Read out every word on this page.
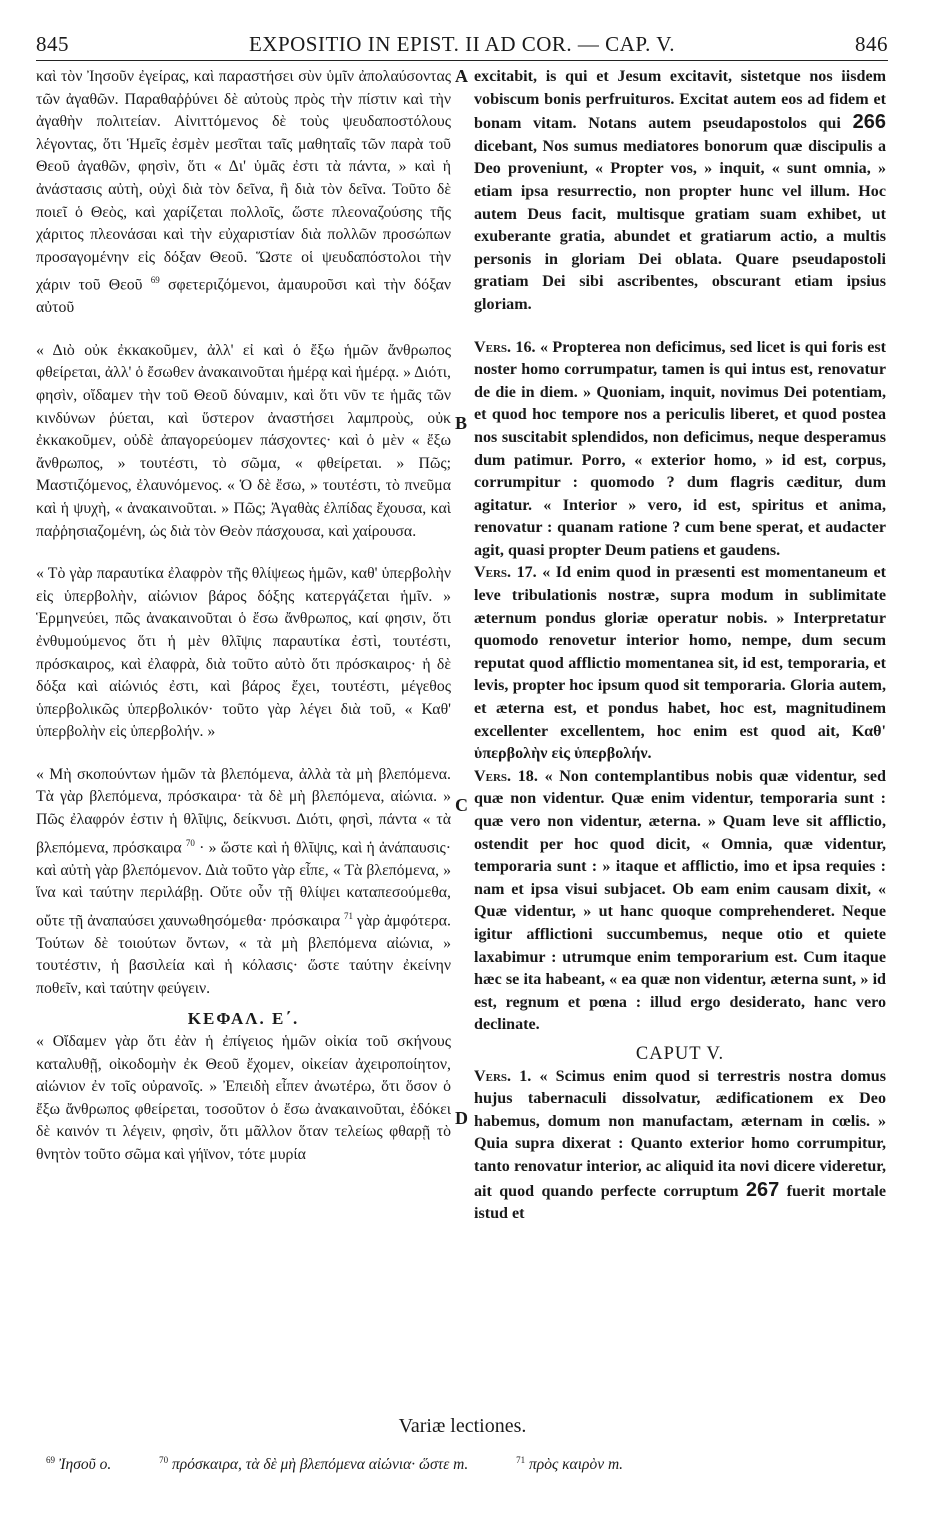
845	EXPOSITIO IN EPIST. II AD COR. — CAP. V.	846
A
B
C
D

καὶ τὸν Ἰησοῦν ἐγείρας, καὶ παραστήσει σὺν ὑμῖν ἀπολαύσοντας τῶν ἀγαθῶν. Παραθαῤῥύνει δὲ αὐτοὺς πρὸς τὴν πίστιν καὶ τὴν ἀγαθὴν πολιτείαν. Αἰνιττόμενος δὲ τοὺς ψευδαποστόλους λέγοντας, ὅτι Ἡμεῖς ἐσμὲν μεσῖται ταῖς μαθηταῖς τῶν παρὰ τοῦ Θεοῦ ἀγαθῶν, φησὶν, ὅτι « Δι' ὑμᾶς ἐστι τὰ πάντα, » καὶ ἡ ἀνάστασις αὐτὴ, οὐχὶ διὰ τὸν δεῖνα, ἢ διὰ τὸν δεῖνα. Τοῦτο δὲ ποιεῖ ὁ Θεὸς, καὶ χαρίζεται πολλοῖς, ὥστε πλεοναζούσης τῆς χάριτος πλεονάσαι καὶ τὴν εὐχαριστίαν διὰ πολλῶν προσώπων προσαγομένην εἰς δόξαν Θεοῦ. Ὥστε οἱ ψευδαπόστολοι τὴν χάριν τοῦ Θεοῦ $^{69}$ σφετεριζόμενοι, ἀμαυροῦσι καὶ τὴν δόξαν αὐτοῦ

« Διὸ οὐκ ἐκκακοῦμεν, ἀλλ' εἰ καὶ ὁ ἔξω ἡμῶν ἄνθρωπος φθείρεται, ἀλλ' ὁ ἔσωθεν ἀνακαινοῦται ἡμέρᾳ καὶ ἡμέρᾳ. » Διότι, φησὶν, οἴδαμεν τὴν τοῦ Θεοῦ δύναμιν, καὶ ὅτι νῦν τε ἡμᾶς τῶν κινδύνων ῥύεται, καὶ ὕστερον ἀναστήσει λαμπροὺς, οὐκ ἐκκακοῦμεν, οὐδὲ ἀπαγορεύομεν πάσχοντες· καὶ ὁ μὲν « ἔξω ἄνθρωπος, » τουτέστι, τὸ σῶμα, « φθείρεται. » Πῶς; Μαστιζόμενος, ἐλαυνόμενος. « Ὁ δὲ ἔσω, » τουτέστι, τὸ πνεῦμα καὶ ἡ ψυχὴ, « ἀνακαινοῦται. » Πῶς; Ἀγαθὰς ἐλπίδας ἔχουσα, καὶ παῤῥησιαζομένη, ὡς διὰ τὸν Θεὸν πάσχουσα, καὶ χαίρουσα.

« Τὸ γὰρ παραυτίκα ἐλαφρὸν τῆς θλίψεως ἡμῶν, καθ' ὑπερβολὴν εἰς ὑπερβολὴν, αἰώνιον βάρος δόξης κατεργάζεται ἡμῖν. » Ἑρμηνεύει, πῶς ἀνακαινοῦται ὁ ἔσω ἄνθρωπος, καί φησιν, ὅτι ἐνθυμούμενος ὅτι ἡ μὲν θλῖψις παραυτίκα ἐστὶ, τουτέστι, πρόσκαιρος, καὶ ἐλαφρὰ, διὰ τοῦτο αὐτὸ ὅτι πρόσκαιρος· ἡ δὲ δόξα καὶ αἰώνιός ἐστι, καὶ βάρος ἔχει, τουτέστι, μέγεθος ὑπερβολικῶς ὑπερβολικόν· τοῦτο γὰρ λέγει διὰ τοῦ, « Καθ' ὑπερβολὴν εἰς ὑπερβολήν. »

« Μὴ σκοπούντων ἡμῶν τὰ βλεπόμενα, ἀλλὰ τὰ μὴ βλεπόμενα. Τὰ γὰρ βλεπόμενα, πρόσκαιρα· τὰ δὲ μὴ βλεπόμενα, αἰώνια. » Πῶς ἐλαφρόν ἐστιν ἡ θλῖψις, δείκνυσι. Διότι, φησὶ, πάντα « τὰ βλεπόμενα, πρόσκαιρα $^{70}$ · » ὥστε καὶ ἡ θλῖψις, καὶ ἡ ἀνάπαυσις· καὶ αὐτὴ γὰρ βλεπόμενον. Διὰ τοῦτο γὰρ εἶπε, « Τὰ βλεπόμενα, » ἵνα καὶ ταύτην περιλάβῃ. Οὔτε οὖν τῇ θλίψει καταπεσούμεθα, οὔτε τῇ ἀναπαύσει χαυνωθησόμεθα· πρόσκαιρα $^{71}$ γὰρ ἀμφότερα. Τούτων δὲ τοιούτων ὄντων, « τὰ μὴ βλεπόμενα αἰώνια, » τουτέστιν, ἡ βασιλεία καὶ ἡ κόλασις· ὥστε ταύτην ἐκείνην ποθεῖν, καὶ ταύτην φεύγειν.

ΚΕΦΑΛ. Ε΄.

« Οἴδαμεν γὰρ ὅτι ἐὰν ἡ ἐπίγειος ἡμῶν οἰκία τοῦ σκήνους καταλυθῇ, οἰκοδομὴν ἐκ Θεοῦ ἔχομεν, οἰκείαν ἀχειροποίητον, αἰώνιον ἐν τοῖς οὐρανοῖς. » Ἐπειδὴ εἶπεν ἀνωτέρω, ὅτι ὅσον ὁ ἔξω ἄνθρωπος φθείρεται, τοσοῦτον ὁ ἔσω ἀνακαινοῦται, ἐδόκει δὲ καινόν τι λέγειν, φησὶν, ὅτι μᾶλλον ὅταν τελείως φθαρῇ τὸ θνητὸν τοῦτο σῶμα καὶ γήϊνον, τότε μυρία

excitabit, is qui et Jesum excitavit, sistetque nos iisdem vobiscum bonis perfruituros. Excitat autem eos ad fidem et bonam vitam. Notans autem pseudapostolos qui 266 dicebant, Nos sumus mediatores bonorum quæ discipulis a Deo proveniunt, « Propter vos, » inquit, « sunt omnia, » etiam ipsa resurrectio, non propter hunc vel illum. Hoc autem Deus facit, multisque gratiam suam exhibet, ut exuberante gratia, abundet et gratiarum actio, a multis personis in gloriam Dei oblata. Quare pseudapostoli gratiam Dei sibi ascribentes, obscurant etiam ipsius gloriam.

Vers. 16. « Propterea non deficimus, sed licet is qui foris est noster homo corrumpatur, tamen is qui intus est, renovatur de die in diem. » Quoniam, inquit, novimus Dei potentiam, et quod hoc tempore nos a periculis liberet, et quod postea nos suscitabit splendidos, non deficimus, neque desperamus dum patimur. Porro, « exterior homo, » id est, corpus, corrumpitur : quomodo ? dum flagris cæditur, dum agitatur. « Interior » vero, id est, spiritus et anima, renovatur : quanam ratione ? cum bene sperat, et audacter agit, quasi propter Deum patiens et gaudens.

Vers. 17. « Id enim quod in præsenti est momentaneum et leve tribulationis nostræ, supra modum in sublimitate æternum pondus gloriæ operatur nobis. » Interpretatur quomodo renovetur interior homo, nempe, dum secum reputat quod afflictio momentanea sit, id est, temporaria, et levis, propter hoc ipsum quod sit temporaria. Gloria autem, et æterna est, et pondus habet, hoc est, magnitudinem excellenter excellentem, hoc enim est quod ait, Καθ' ὑπερβολὴν εἰς ὑπερβολήν.

Vers. 18. « Non contemplantibus nobis quæ videntur, sed quæ non videntur. Quæ enim videntur, temporaria sunt : quæ vero non videntur, æterna. » Quam leve sit afflictio, ostendit per hoc quod dicit, « Omnia, quæ videntur, temporaria sunt : » itaque et afflictio, imo et ipsa requies : nam et ipsa visui subjacet. Ob eam enim causam dixit, « Quæ videntur, » ut hanc quoque comprehenderet. Neque igitur afflictioni succumbemus, neque otio et quiete laxabimur : utrumque enim temporarium est. Cum itaque hæc se ita habeant, « ea quæ non videntur, æterna sunt, » id est, regnum et pœna : illud ergo desiderato, hanc vero declinate.

CAPUT V.

Vers. 1. « Scimus enim quod si terrestris nostra domus hujus tabernaculi dissolvatur, ædificationem ex Deo habemus, domum non manufactam, æternam in cœlis. » Quia supra dixerat : Quanto exterior homo corrumpitur, tanto renovatur interior, ac aliquid ita novi dicere videretur, ait quod quando perfecte corruptum 267 fuerit mortale istud et

Variæ lectiones.
$^{69}$ Ἰησοῦ ο.	$^{70}$ πρόσκαιρα, τὰ δὲ μὴ βλεπόμενα αἰώνια· ὥστε m.	$^{71}$ πρὸς καιρὸν m.
